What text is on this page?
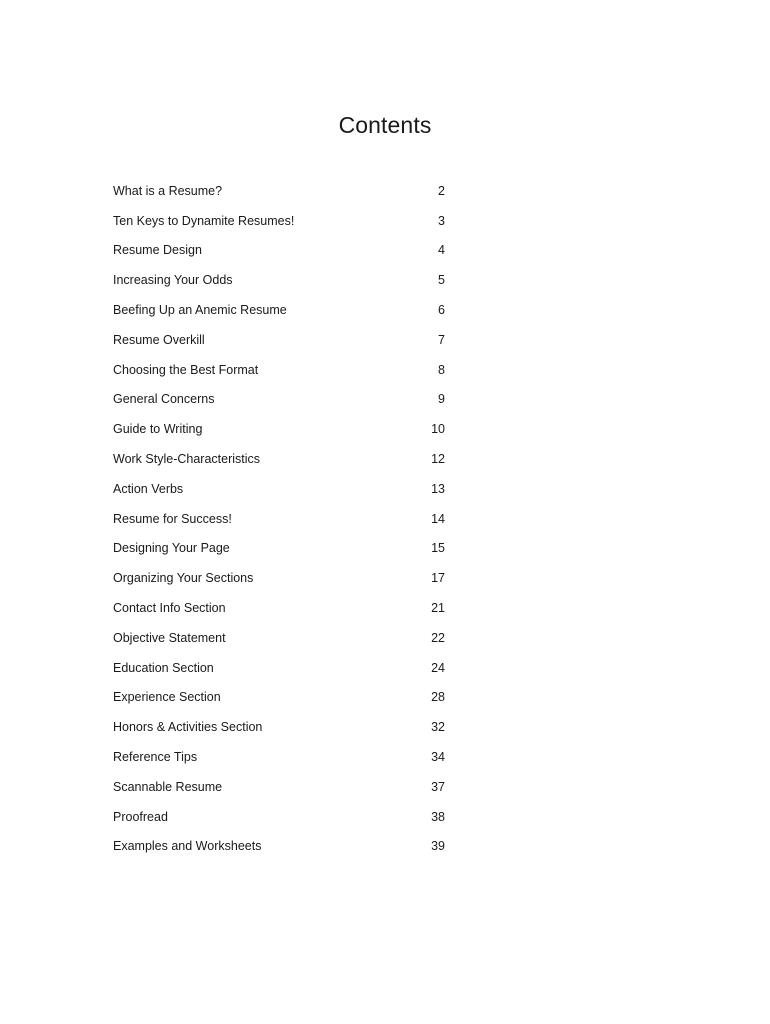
Contents
What is a Resume?	2
Ten Keys to Dynamite Resumes!	3
Resume Design	4
Increasing Your Odds	5
Beefing Up an Anemic Resume	6
Resume Overkill	7
Choosing the Best Format	8
General Concerns	9
Guide to Writing	10
Work Style-Characteristics	12
Action Verbs	13
Resume for Success!	14
Designing Your Page	15
Organizing Your Sections	17
Contact Info Section	21
Objective Statement	22
Education Section	24
Experience Section	28
Honors & Activities Section	32
Reference Tips	34
Scannable Resume	37
Proofread	38
Examples and Worksheets	39
